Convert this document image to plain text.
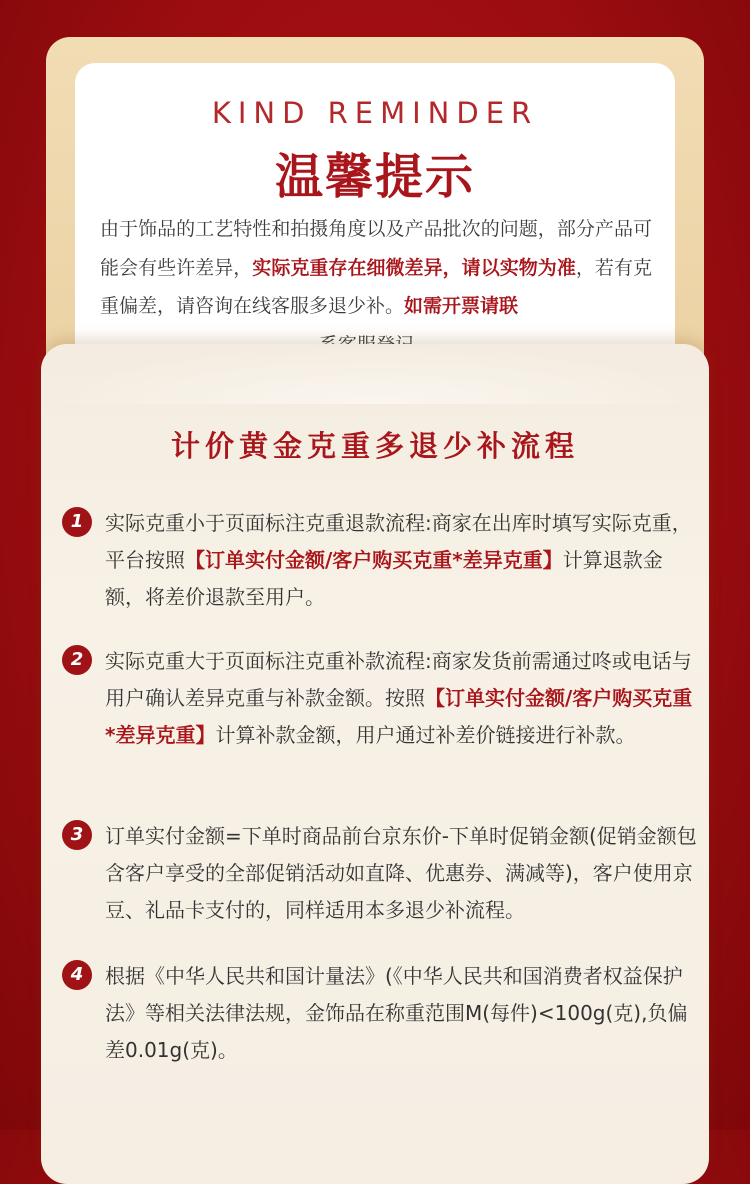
KIND REMINDER
温馨提示
由于饰品的工艺特性和拍摄角度以及产品批次的问题，部分产品可能会有些许差异，实际克重存在细微差异，请以实物为准，若有克重偏差，请咨询在线客服多退少补。如需开票请联
计价黄金克重多退少补流程
1	实际克重小于页面标注克重退款流程:商家在出库时填写实际克重，平台按照【订单实付金额/客户购买克重*差异克重】计算退款金额，将差价退款至用户。
2	实际克重大于页面标注克重补款流程:商家发货前需通过咚或电话与用户确认差异克重与补款金额。按照【订单实付金额/客户购买克重*差异克重】计算补款金额，用户通过补差价链接进行补款。
3	订单实付金额=下单时商品前台京东价-下单时促销金额(促销金额包含客户享受的全部促销活动如直降、优惠券、满减等)，客户使用京豆、礼品卡支付的，同样适用本多退少补流程。
4	根据《中华人民共和国计量法》(《中华人民共和国消费者权益保护法》等相关法律法规，金饰品在称重范围M(每件)<100g(克),负偏差0.01g(克)。
